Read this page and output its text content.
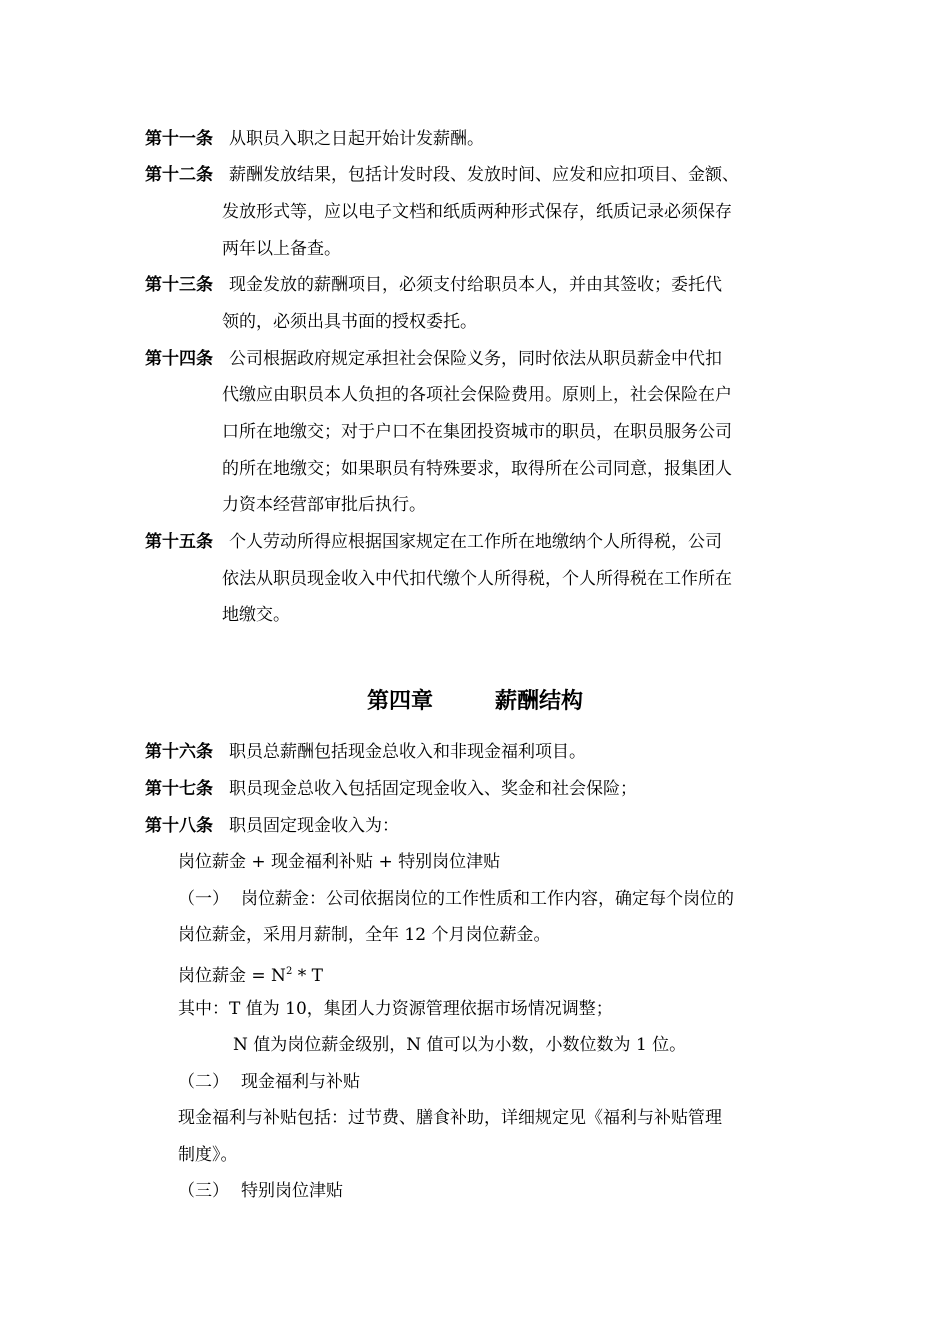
第十一条 从职员入职之日起开始计发薪酬。
第十二条 薪酬发放结果，包括计发时段、发放时间、应发和应扣项目、金额、
发放形式等，应以电子文档和纸质两种形式保存，纸质记录必须保存
两年以上备查。
第十三条 现金发放的薪酬项目，必须支付给职员本人，并由其签收；委托代
领的，必须出具书面的授权委托。
第十四条 公司根据政府规定承担社会保险义务，同时依法从职员薪金中代扣
代缴应由职员本人负担的各项社会保险费用。原则上，社会保险在户
口所在地缴交；对于户口不在集团投资城市的职员，在职员服务公司
的所在地缴交；如果职员有特殊要求，取得所在公司同意，报集团人
力资本经营部审批后执行。
第十五条 个人劳动所得应根据国家规定在工作所在地缴纳个人所得税，公司
依法从职员现金收入中代扣代缴个人所得税，个人所得税在工作所在
地缴交。
第四章	薪酬结构
第十六条 职员总薪酬包括现金总收入和非现金福利项目。
第十七条 职员现金总收入包括固定现金收入、奖金和社会保险；
第十八条 职员固定现金收入为：
岗位薪金 + 现金福利补贴 + 特别岗位津贴
（一） 岗位薪金：公司依据岗位的工作性质和工作内容，确定每个岗位的
岗位薪金，采用月薪制，全年 12 个月岗位薪金。
岗位薪金 = $N^2$ * T
其中：T 值为 10，集团人力资源管理依据市场情况调整；
N 值为岗位薪金级别，N 值可以为小数，小数位数为 1 位。
（二） 现金福利与补贴
现金福利与补贴包括：过节费、膳食补助，详细规定见《福利与补贴管理
制度》。
（三） 特别岗位津贴
